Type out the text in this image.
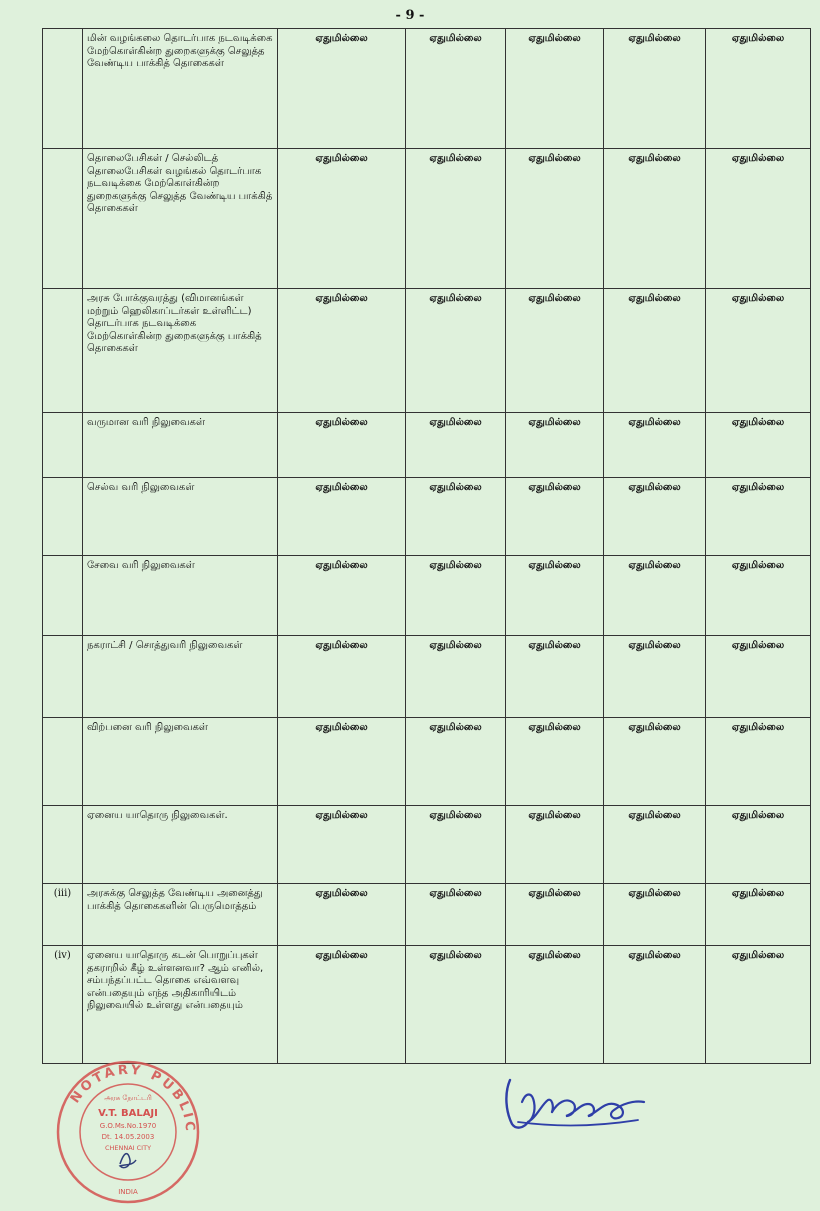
- 9 -
	மின் வழங்கலை தொடர்பாக நடவடிக்கை மேற்கொள்கின்ற துறைகளுக்கு செலுத்த வேண்டிய பாக்கித் தொகைகள்	ஏதுமில்லை	ஏதுமில்லை	ஏதுமில்லை	ஏதுமில்லை	ஏதுமில்லை
	தொலைபேசிகள் / செல்லிடத் தொலைபேசிகள் வழங்கல் தொடர்பாக நடவடிக்கை மேற்கொள்கின்ற துறைகளுக்கு செலுத்த வேண்டிய பாக்கித் தொகைகள்	ஏதுமில்லை	ஏதுமில்லை	ஏதுமில்லை	ஏதுமில்லை	ஏதுமில்லை
	அரசு போக்குவரத்து (விமானங்கள் மற்றும் ஹெலிகாப்டர்கள் உள்ளிட்ட) தொடர்பாக நடவடிக்கை மேற்கொள்கின்ற துறைகளுக்கு பாக்கித் தொகைகள்	ஏதுமில்லை	ஏதுமில்லை	ஏதுமில்லை	ஏதுமில்லை	ஏதுமில்லை
	வருமான வரி நிலுவைகள்	ஏதுமில்லை	ஏதுமில்லை	ஏதுமில்லை	ஏதுமில்லை	ஏதுமில்லை
	செல்வ வரி நிலுவைகள்	ஏதுமில்லை	ஏதுமில்லை	ஏதுமில்லை	ஏதுமில்லை	ஏதுமில்லை
	சேவை வரி நிலுவைகள்	ஏதுமில்லை	ஏதுமில்லை	ஏதுமில்லை	ஏதுமில்லை	ஏதுமில்லை
	நகராட்சி / சொத்துவரி நிலுவைகள்	ஏதுமில்லை	ஏதுமில்லை	ஏதுமில்லை	ஏதுமில்லை	ஏதுமில்லை
	விற்பனை வரி நிலுவைகள்	ஏதுமில்லை	ஏதுமில்லை	ஏதுமில்லை	ஏதுமில்லை	ஏதுமில்லை
	ஏனைய யாதொரு நிலுவைகள்.	ஏதுமில்லை	ஏதுமில்லை	ஏதுமில்லை	ஏதுமில்லை	ஏதுமில்லை
(iii)	அரசுக்கு செலுத்த வேண்டிய அனைத்து பாக்கித் தொகைகளின் பெருமொத்தம்	ஏதுமில்லை	ஏதுமில்லை	ஏதுமில்லை	ஏதுமில்லை	ஏதுமில்லை
(iv)	ஏனைய யாதொரு கடன் பொறுப்புகள் தகராறில் கீழ் உள்ளனவா? ஆம் எனில், சம்பந்தப்பட்ட தொகை எவ்வளவு என்பதையும் எந்த அதிகாரியிடம் நிலுவையில் உள்ளது என்பதையும்	ஏதுமில்லை	ஏதுமில்லை	ஏதுமில்லை	ஏதுமில்லை	ஏதுமில்லை
NOTARY PUBLIC
அரசு நோட்டரி
V.T. BALAJI
G.O.Ms.No.1970
Dt. 14.05.2003
CHENNAI CITY
INDIA
